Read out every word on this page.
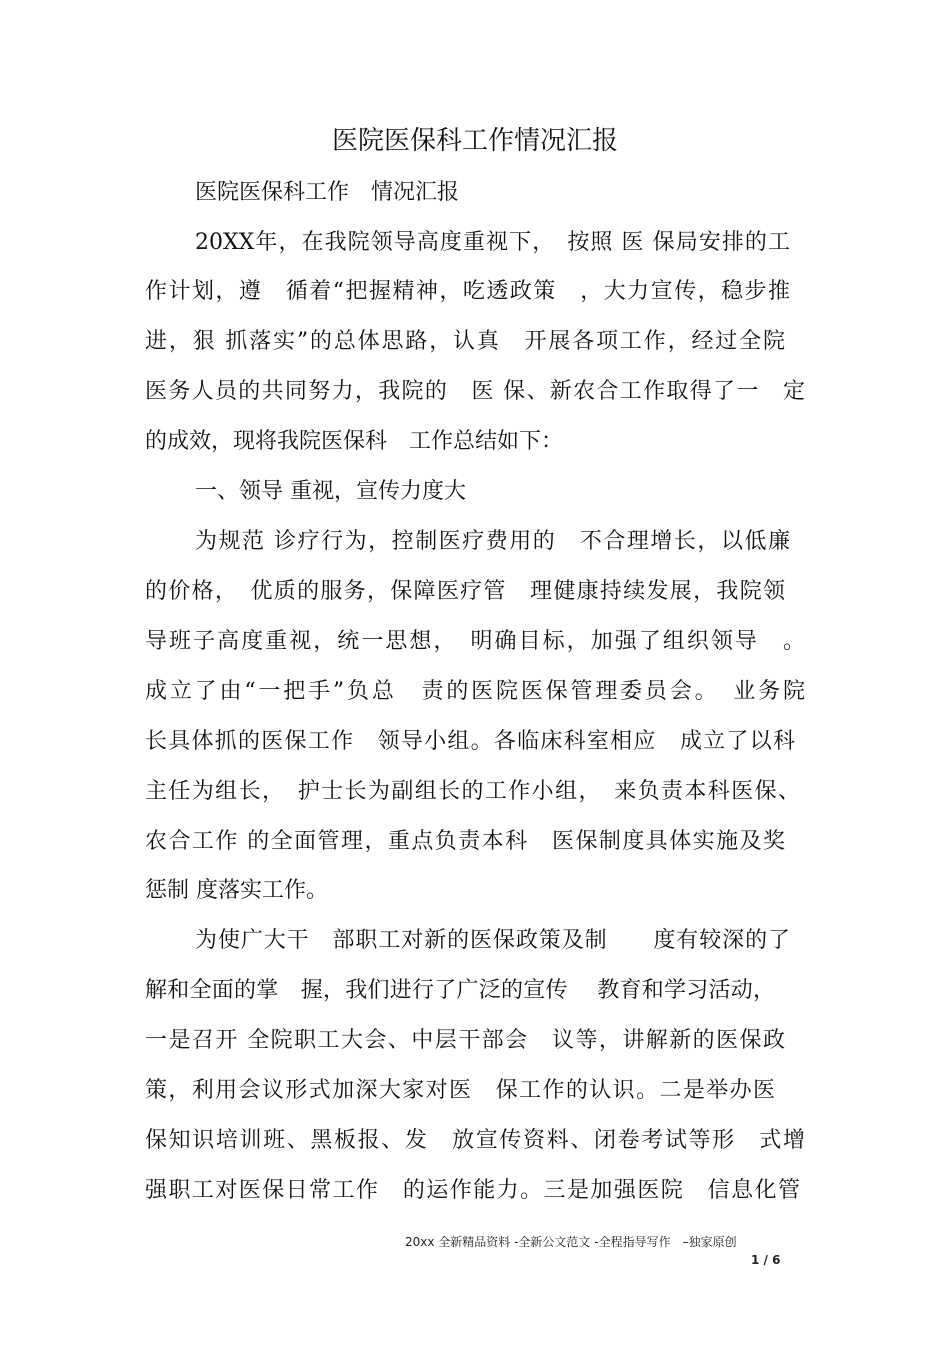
医院医保科工作情况汇报
医院医保科工作　情况汇报
20XX年，在我院领导高度重视下，　按照 医 保局安排的工
作计划，遵　循着“把握精神，吃透政策　，大力宣传，稳步推
进，狠 抓落实”的总体思路，认真　开展各项工作，经过全院
医务人员的共同努力，我院的　医 保、新农合工作取得了一　定
的成效，现将我院医保科　工作总结如下：
一、领导 重视，宣传力度大
为规范 诊疗行为，控制医疗费用的　不合理增长，以低廉
的价格，　优质的服务，保障医疗管　理健康持续发展，我院领
导班子高度重视，统一思想，　明确目标，加强了组织领导　。
成立了由“一把手”负总　责的医院医保管理委员会。　业务院
长具体抓的医保工作　领导小组。各临床科室相应　成立了以科
主任为组长，　护士长为副组长的工作小组，　来负责本科医保、
农合工作 的全面管理，重点负责本科　医保制度具体实施及奖
惩制 度落实工作。
为使广大干　部职工对新的医保政策及制　　度有较深的了
解和全面的掌　握，我们进行了广泛的宣传　 教育和学习活动，
一是召开 全院职工大会、中层干部会　议等，讲解新的医保政
策，利用会议形式加深大家对医　保工作的认识。二是举办医
保知识培训班、黑板报、发　放宣传资料、闭卷考试等形　式增
强职工对医保日常工作　的运作能力。三是加强医院　信息化管
20xx 全新精品资料 -全新公文范文 -全程指导写作　–独家原创
1 / 6
